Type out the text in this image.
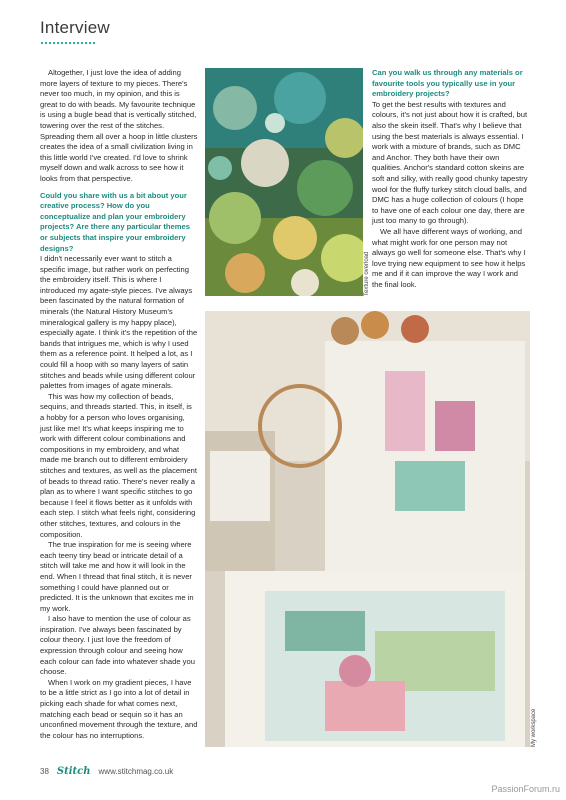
Interview

Altogether, I just love the idea of adding more layers of texture to my pieces. There's never too much, in my opinion, and this is great to do with beads. My favourite technique is using a bugle bead that is vertically stitched, towering over the rest of the stitches. Spreading them all over a hoop in little clusters creates the idea of a small civilization living in this little world I've created. I'd love to shrink myself down and walk across to see how it looks from that perspective.

Could you share with us a bit about your creative process? How do you conceptualize and plan your embroidery projects? Are there any particular themes or subjects that inspire your embroidery designs?

I didn't necessarily ever want to stitch a specific image, but rather work on perfecting the embroidery itself. This is where I introduced my agate-style pieces. I've always been fascinated by the natural formation of minerals (the Natural History Museum's mineralogical gallery is my happy place), especially agate. I think it's the repetition of the bands that intrigues me, which is why I used them as a reference point. It helped a lot, as I could fill a hoop with so many layers of satin stitches and beads while using different colour palettes from images of agate minerals.

This was how my collection of beads, sequins, and threads started. This, in itself, is a hobby for a person who loves organising, just like me! It's what keeps inspiring me to work with different colour combinations and compositions in my embroidery, and what made me branch out to different embroidery stitches and textures, as well as the placement of beads to thread ratio. There's never really a plan as to where I want specific stitches to go because I feel it flows better as it unfolds with each step. I stitch what feels right, considering other stitches, textures, and colours in the composition.

The true inspiration for me is seeing where each teeny tiny bead or intricate detail of a stitch will take me and how it will look in the end. When I thread that final stitch, it is never something I could have planned out or predicted. It is the unknown that excites me in my work.

I also have to mention the use of colour as inspiration. I've always been fascinated by colour theory. I just love the freedom of expression through colour and seeing how each colour can fade into whatever shade you choose.

When I work on my gradient pieces, I have to be a little strict as I go into a lot of detail in picking each shade for what comes next, matching each bead or sequin so it has an unconfined movement through the texture, and the colour has no interruptions.

Texture overload

Can you walk us through any materials or favourite tools you typically use in your embroidery projects?

To get the best results with textures and colours, it's not just about how it is crafted, but also the skein itself. That's why I believe that using the best materials is always essential. I work with a mixture of brands, such as DMC and Anchor. They both have their own qualities. Anchor's standard cotton skeins are soft and silky, with really good chunky tapestry wool for the fluffy turkey stitch cloud balls, and DMC has a huge collection of colours (I hope to have one of each colour one day, there are just too many to go through).

We all have different ways of working, and what might work for one person may not always go well for someone else. That's why I love trying new equipment to see how it helps me and if it can improve the way I work and the final look.

My workspace
38 Stitch www.stitchmag.co.uk
PassionForum.ru
